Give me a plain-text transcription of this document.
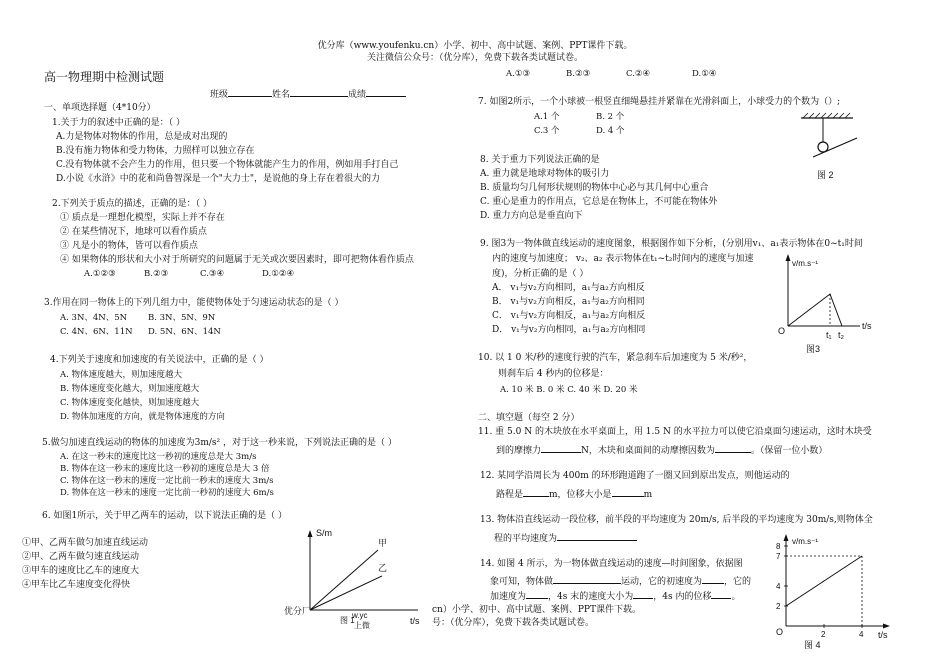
优分库（www.youfenku.cn）小学、初中、高中试题、案例、PPT课件下载。
关注微信公众号：（优分库），免费下载各类试题试卷。
高一物理期中检测试题
班级	姓名	成绩
一、单项选择题（4*10分）
1.关于力的叙述中正确的是：（ ）
A.力是物体对物体的作用，总是成对出现的
B.没有施力物体和受力物体，力照样可以独立存在
C.没有物体就不会产生力的作用，但只要一个物体就能产生力的作用，例如用手打自己
D.小说《水浒》中的花和尚鲁智深是一个"大力士"，是说他的身上存在着很大的力
2.下列关于质点的描述，正确的是：（ ）
① 质点是一理想化模型，实际上并不存在
② 在某些情况下，地球可以看作质点
③ 凡是小的物体，皆可以看作质点
④ 如果物体的形状和大小对于所研究的问题属于无关或次要因素时，即可把物体看作质点
A.①②③	B.②③	C.③④	D.①②④
3.作用在同一物体上的下列几组力中，能使物体处于匀速运动状态的是（ ）
A. 3N、4N、5N B. 3N、5N、9N
C. 4N、6N、11N D. 5N、6N、14N
4.下列关于速度和加速度的有关说法中，正确的是（ ）
A. 物体速度越大，则加速度越大
B. 物体速度变化越大，则加速度越大
C. 物体速度变化越快，则加速度越大
D. 物体加速度的方向，就是物体速度的方向
5.做匀加速直线运动的物体的加速度为3m/s² ，对于这一秒来说，下列说法正确的是（ ）
A. 在这一秒末的速度比这一秒初的速度总是大 3m/s
B. 物体在这一秒末的速度比这一秒初的速度总是大 3 倍
C. 物体在这一秒末的速度一定比前一秒末的速度大 3m/s
D. 物体在这一秒末的速度一定比前一秒初的速度大 6m/s
6. 如图1所示，关于甲乙两车的运动，以下说法正确的是（ ）
①甲、乙两车做匀加速直线运动
②甲、乙两车做匀速直线运动
③甲车的速度比乙车的速度大
④甲车比乙车速度变化得快
S/m
甲
乙
t/s
w.yc
图 1
上微
优分厂	cn）小学、初中、高中试题、案例、PPT课件下载。
号：（优分库），免费下载各类试题试卷。
A.①③	B.②③	C.②④	D.①④
7. 如图2所示，一个小球被一根竖直细绳悬挂并紧靠在光滑斜面上，小球受力的个数为（）;
A.1 个	B. 2 个
C.3 个	D. 4 个
图 2
8. 关于重力下列说法正确的是
A. 重力就是地球对物体的吸引力
B. 质量均匀几何形状规则的物体中心必与其几何中心重合
C. 重心是重力的作用点，它总是在物体上，不可能在物体外
D. 重力方向总是垂直向下
9. 图3为一物体做直线运动的速度图象，根据图作如下分析，(分别用v₁、a₁表示物体在0~t₁时间
内的速度与加速度； v₂、a₂ 表示物体在t₁~t₂时间内的速度与加速
度)，分析正确的是（ ）
A． v₁与v₂方向相同，a₁与a₂方向相反
B． v₁与v₂方向相反，a₁与a₂方向相同
C． v₁与v₂方向相反，a₁与a₂方向相反
D． v₁与v₂方向相同，a₁与a₂方向相同
v/m.s⁻¹
O	t₁ t₂
t/s
图3
10. 以 1 0 米/秒的速度行驶的汽车，紧急刹车后加速度为 5 米/秒²，
则刹车后 4 秒内的位移是：
A. 10 米 B. 0 米 C. 40 米 D. 20 米
二、填空题（每空 2 分）
11. 重 5.0 N 的木块放在水平桌面上，用 1.5 N 的水平拉力可以使它沿桌面匀速运动，这时木块受
到的摩擦力	N，木块和桌面间的动摩擦因数为	。（保留一位小数）
12. 某同学沿周长为 400m 的环形跑道跑了一圈又回到原出发点，则他运动的
路程是	m，位移大小是	m
13. 物体沿直线运动一段位移，前半段的平均速度为 20m/s, 后半段的平均速度为 30m/s,则物体全
程的平均速度为
14. 如图 4 所示，为一物体做直线运动的速度—时间图象，依据图
象可知，物体做	运动，它的初速度为 ，它的
加速度为 ，4s 末的速度大小为 ，4s 内的位移 。
v/m.s⁻¹
t/s
O
图 4
2
4
7
8
2	4
